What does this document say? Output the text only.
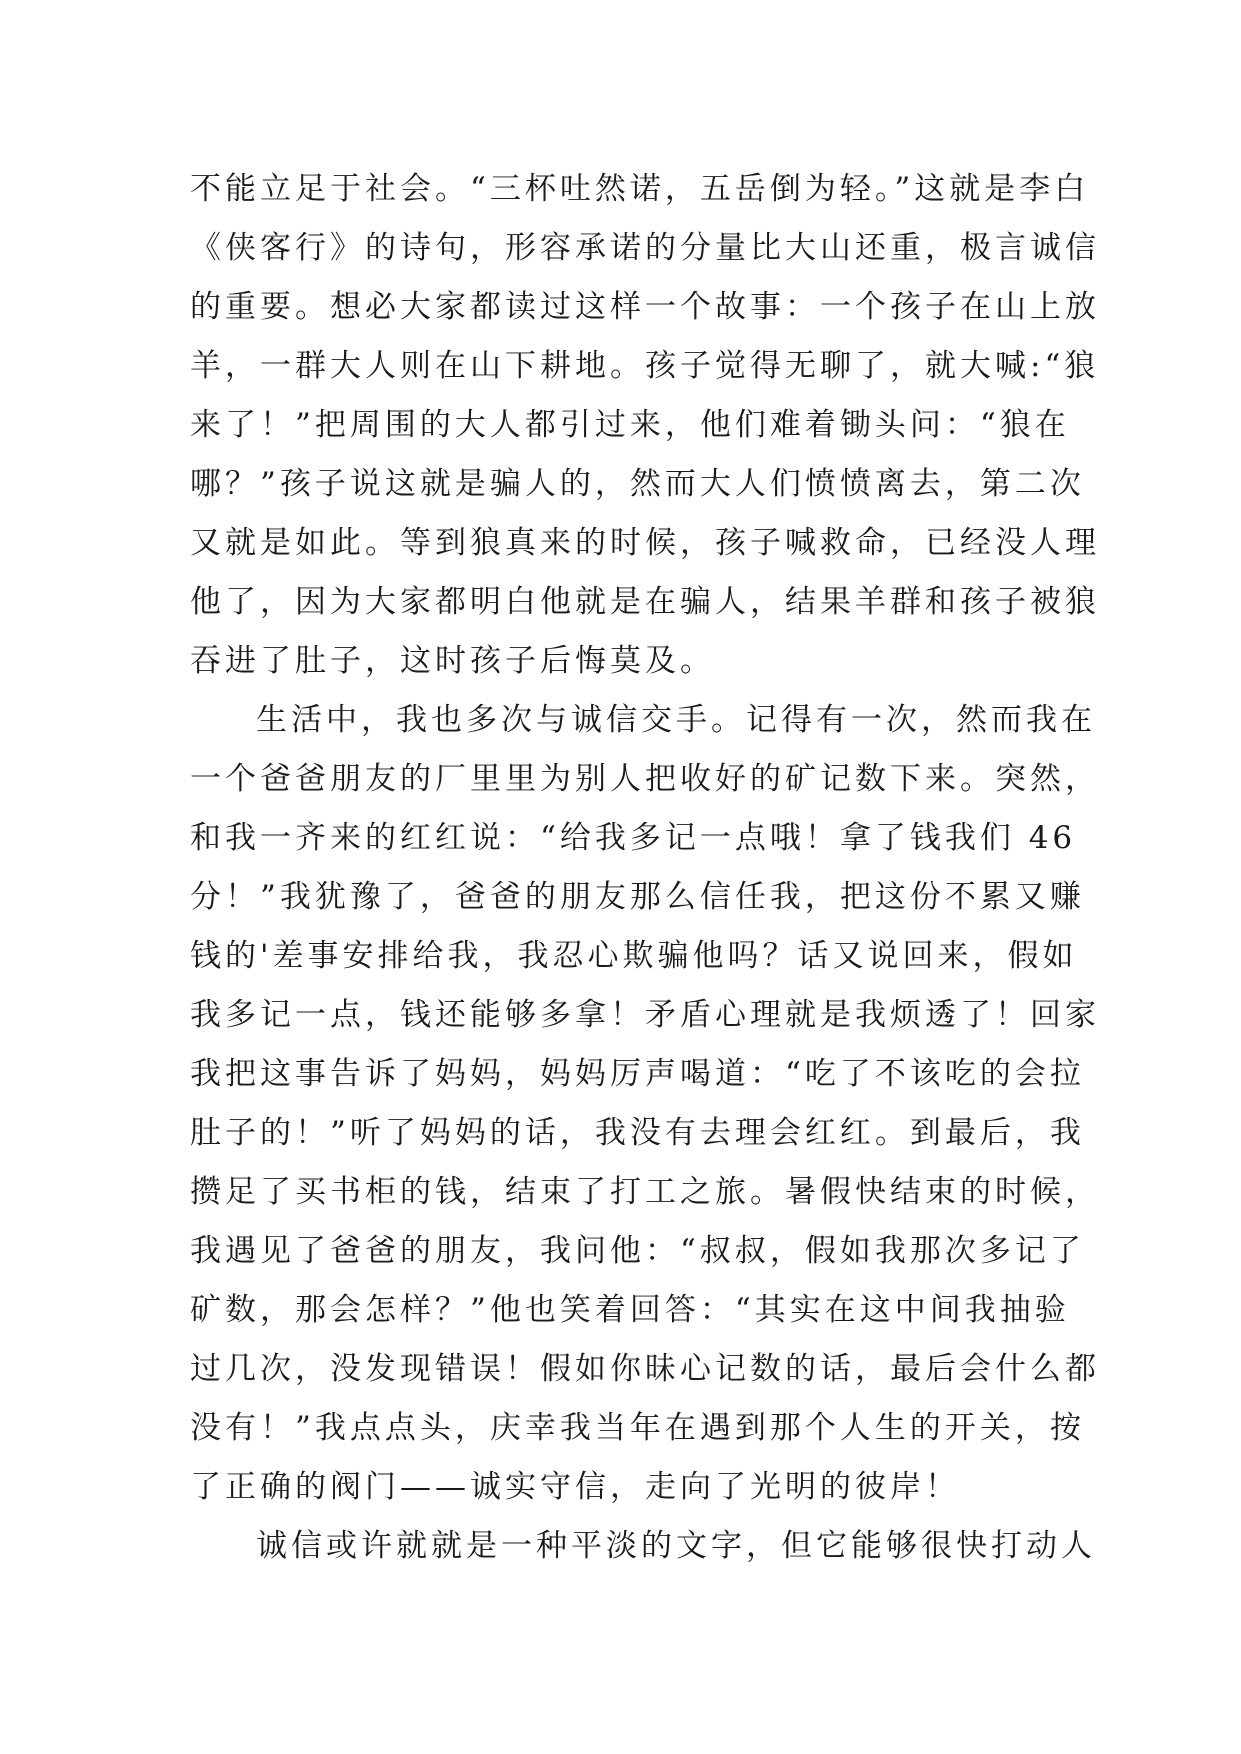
不能立足于社会。“三杯吐然诺，五岳倒为轻。”这就是李白
《侠客行》的诗句，形容承诺的分量比大山还重，极言诚信
的重要。想必大家都读过这样一个故事：一个孩子在山上放
羊，一群大人则在山下耕地。孩子觉得无聊了，就大喊:“狼
来了！”把周围的大人都引过来，他们难着锄头问：“狼在
哪？”孩子说这就是骗人的，然而大人们愤愤离去，第二次
又就是如此。等到狼真来的时候，孩子喊救命，已经没人理
他了，因为大家都明白他就是在骗人，结果羊群和孩子被狼
吞进了肚子，这时孩子后悔莫及。
生活中，我也多次与诚信交手。记得有一次，然而我在
一个爸爸朋友的厂里里为别人把收好的矿记数下来。突然，
和我一齐来的红红说：“给我多记一点哦！拿了钱我们 46
分！”我犹豫了，爸爸的朋友那么信任我，把这份不累又赚
钱的'差事安排给我，我忍心欺骗他吗？话又说回来，假如
我多记一点，钱还能够多拿！矛盾心理就是我烦透了！回家
我把这事告诉了妈妈，妈妈厉声喝道：“吃了不该吃的会拉
肚子的！”听了妈妈的话，我没有去理会红红。到最后，我
攒足了买书柜的钱，结束了打工之旅。暑假快结束的时候，
我遇见了爸爸的朋友，我问他：“叔叔，假如我那次多记了
矿数，那会怎样？”他也笑着回答：“其实在这中间我抽验
过几次，没发现错误！假如你昧心记数的话，最后会什么都
没有！”我点点头，庆幸我当年在遇到那个人生的开关，按
了正确的阀门——诚实守信，走向了光明的彼岸！
诚信或许就就是一种平淡的文字，但它能够很快打动人
